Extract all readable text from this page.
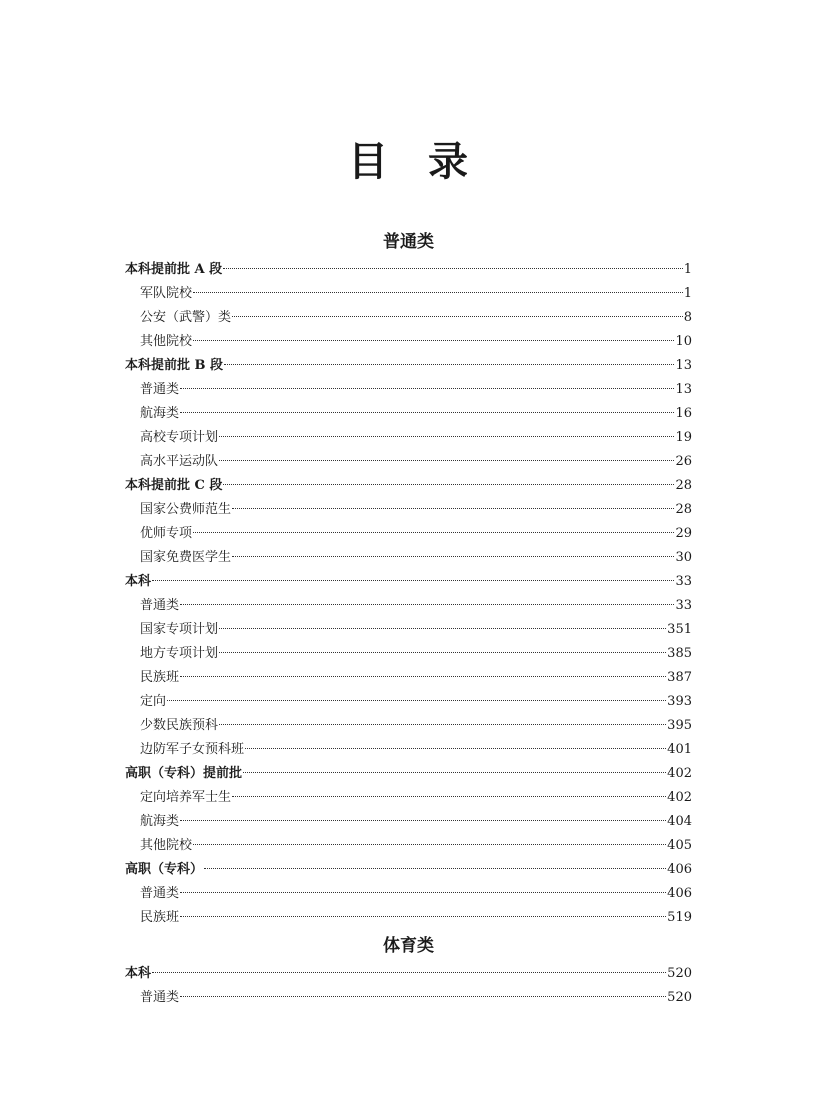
目　录
普通类
本科提前批 A 段	1
军队院校	1
公安（武警）类	8
其他院校	10
本科提前批 B 段	13
普通类	13
航海类	16
高校专项计划	19
高水平运动队	26
本科提前批 C 段	28
国家公费师范生	28
优师专项	29
国家免费医学生	30
本科	33
普通类	33
国家专项计划	351
地方专项计划	385
民族班	387
定向	393
少数民族预科	395
边防军子女预科班	401
高职（专科）提前批	402
定向培养军士生	402
航海类	404
其他院校	405
高职（专科）	406
普通类	406
民族班	519
体育类
本科	520
普通类	520
